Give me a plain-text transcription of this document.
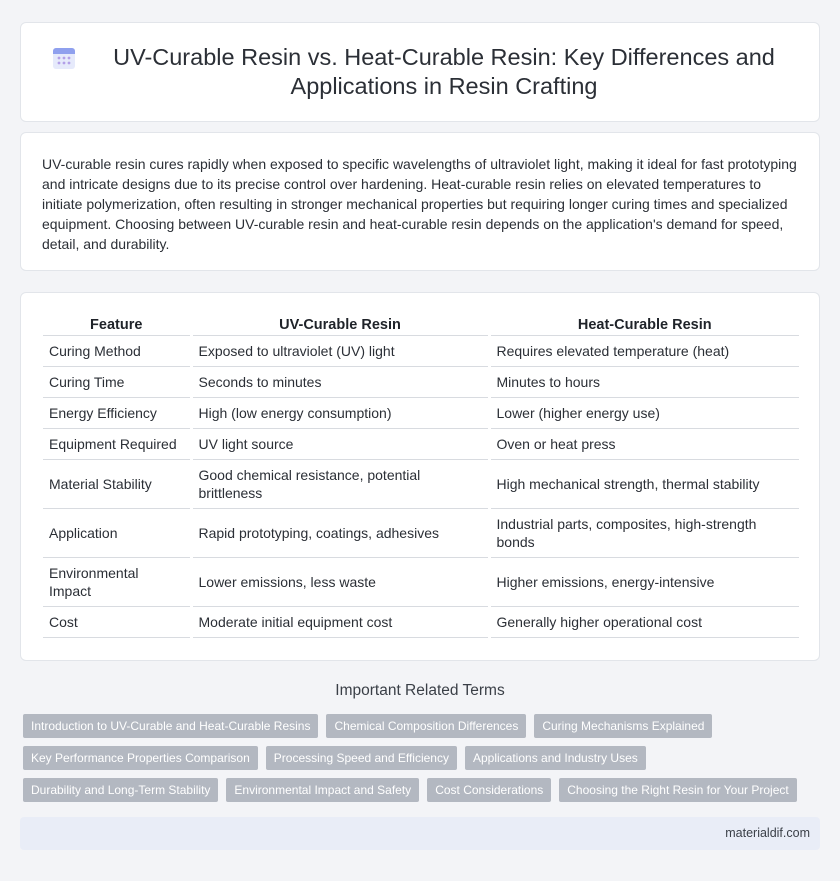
UV-Curable Resin vs. Heat-Curable Resin: Key Differences and Applications in Resin Crafting

UV-curable resin cures rapidly when exposed to specific wavelengths of ultraviolet light, making it ideal for fast prototyping and intricate designs due to its precise control over hardening. Heat-curable resin relies on elevated temperatures to initiate polymerization, often resulting in stronger mechanical properties but requiring longer curing times and specialized equipment. Choosing between UV-curable resin and heat-curable resin depends on the application's demand for speed, detail, and durability.

Feature	UV-Curable Resin	Heat-Curable Resin
Curing Method	Exposed to ultraviolet (UV) light	Requires elevated temperature (heat)
Curing Time	Seconds to minutes	Minutes to hours
Energy Efficiency	High (low energy consumption)	Lower (higher energy use)
Equipment Required	UV light source	Oven or heat press
Material Stability	Good chemical resistance, potential brittleness	High mechanical strength, thermal stability
Application	Rapid prototyping, coatings, adhesives	Industrial parts, composites, high-strength bonds
Environmental Impact	Lower emissions, less waste	Higher emissions, energy-intensive
Cost	Moderate initial equipment cost	Generally higher operational cost
Important Related Terms
Introduction to UV-Curable and Heat-Curable Resins	Chemical Composition Differences	Curing Mechanisms Explained
Key Performance Properties Comparison	Processing Speed and Efficiency	Applications and Industry Uses
Durability and Long-Term Stability	Environmental Impact and Safety	Cost Considerations	Choosing the Right Resin for Your Project
materialdif.com
